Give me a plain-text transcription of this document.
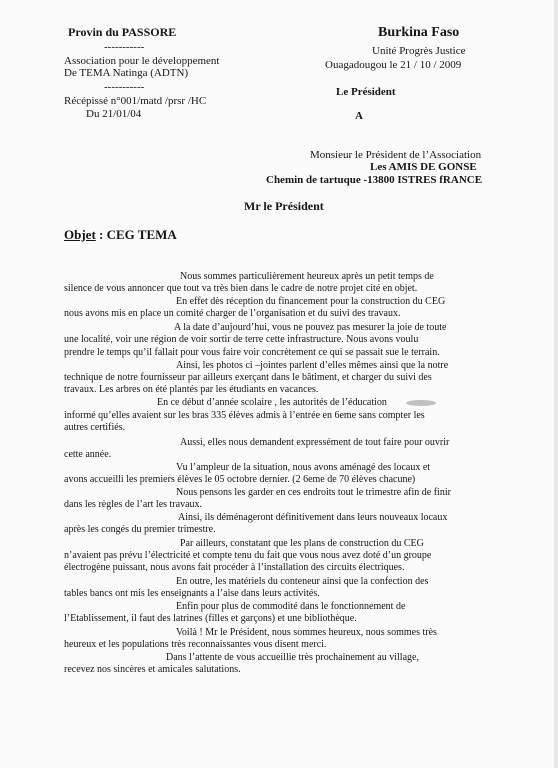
Provin du PASSORE
-----------
Association pour le développement
De TEMA Natinga (ADTN)
-----------
Récépissé n°001/matd /prsr /HC
Du 21/01/04
Burkina Faso
Unité Progrès Justice
Ouagadougou le 21 / 10 / 2009
Le Président
A
Monsieur le Président de l’Association
Les AMIS DE GONSE
Chemin de tartuque -13800 ISTRES fRANCE
Mr le Président
Objet : CEG TEMA
Nous sommes particulièrement heureux après un petit temps de
silence de vous annoncer que tout va très bien dans le cadre de notre projet cité en objet.
En effet dès réception du financement pour la construction du CEG
nous avons mis en place un comité charger de l’organisation et du suivi des travaux.
A la date d’aujourd’hui, vous ne pouvez pas mesurer la joie de toute
une localité, voir une région de voir sortir de terre cette infrastructure. Nous avons voulu
prendre le temps qu’il fallait pour vous faire voir concrètement ce qui se passait sue le terrain.
Ainsi, les photos ci –jointes parlent d’elles mêmes ainsi que la notre
technique de notre fournisseur par ailleurs exerçant dans le bâtiment, et charger du suivi des
travaux. Les arbres on été plantés par les étudiants en vacances.
En ce début d’année scolaire , les autorités de l’éducation
informé qu’elles avaient sur les bras 335 élèves admis à l’entrée en 6eme sans compter les
autres certifiés.
Aussi, elles nous demandent expressément de tout faire pour ouvrir
cette année.
Vu l’ampleur de la situation, nous avons aménagé des locaux et
avons accueilli les premiers élèves le 05 octobre dernier. (2 6eme de 70 élèves chacune)
Nous pensons les garder en ces endroits tout le trimestre afin de finir
dans les règles de l’art les travaux.
Ainsi, ils déménageront définitivement dans leurs nouveaux locaux
après les congés du premier trimestre.
Par ailleurs, constatant que les plans de construction du CEG
n’avaient pas prévu l’électricité et compte tenu du fait que vous nous avez doté d’un groupe
électrogène puissant, nous avons fait procéder à l’installation des circuits électriques.
En outre, les matériels du conteneur ainsi que la confection des
tables bancs ont mis les enseignants a l’aise dans leurs activités.
Enfin pour plus de commodité dans le fonctionnement de
l’Etablissement, il faut des latrines (filles et garçons) et une bibliothèque.
Voilà ! Mr le Président, nous sommes heureux, nous sommes très
heureux et les populations très reconnaissantes vous disent merci.
Dans l’attente de vous accueillie très prochainement au village,
recevez nos sincères et amicales salutations.
